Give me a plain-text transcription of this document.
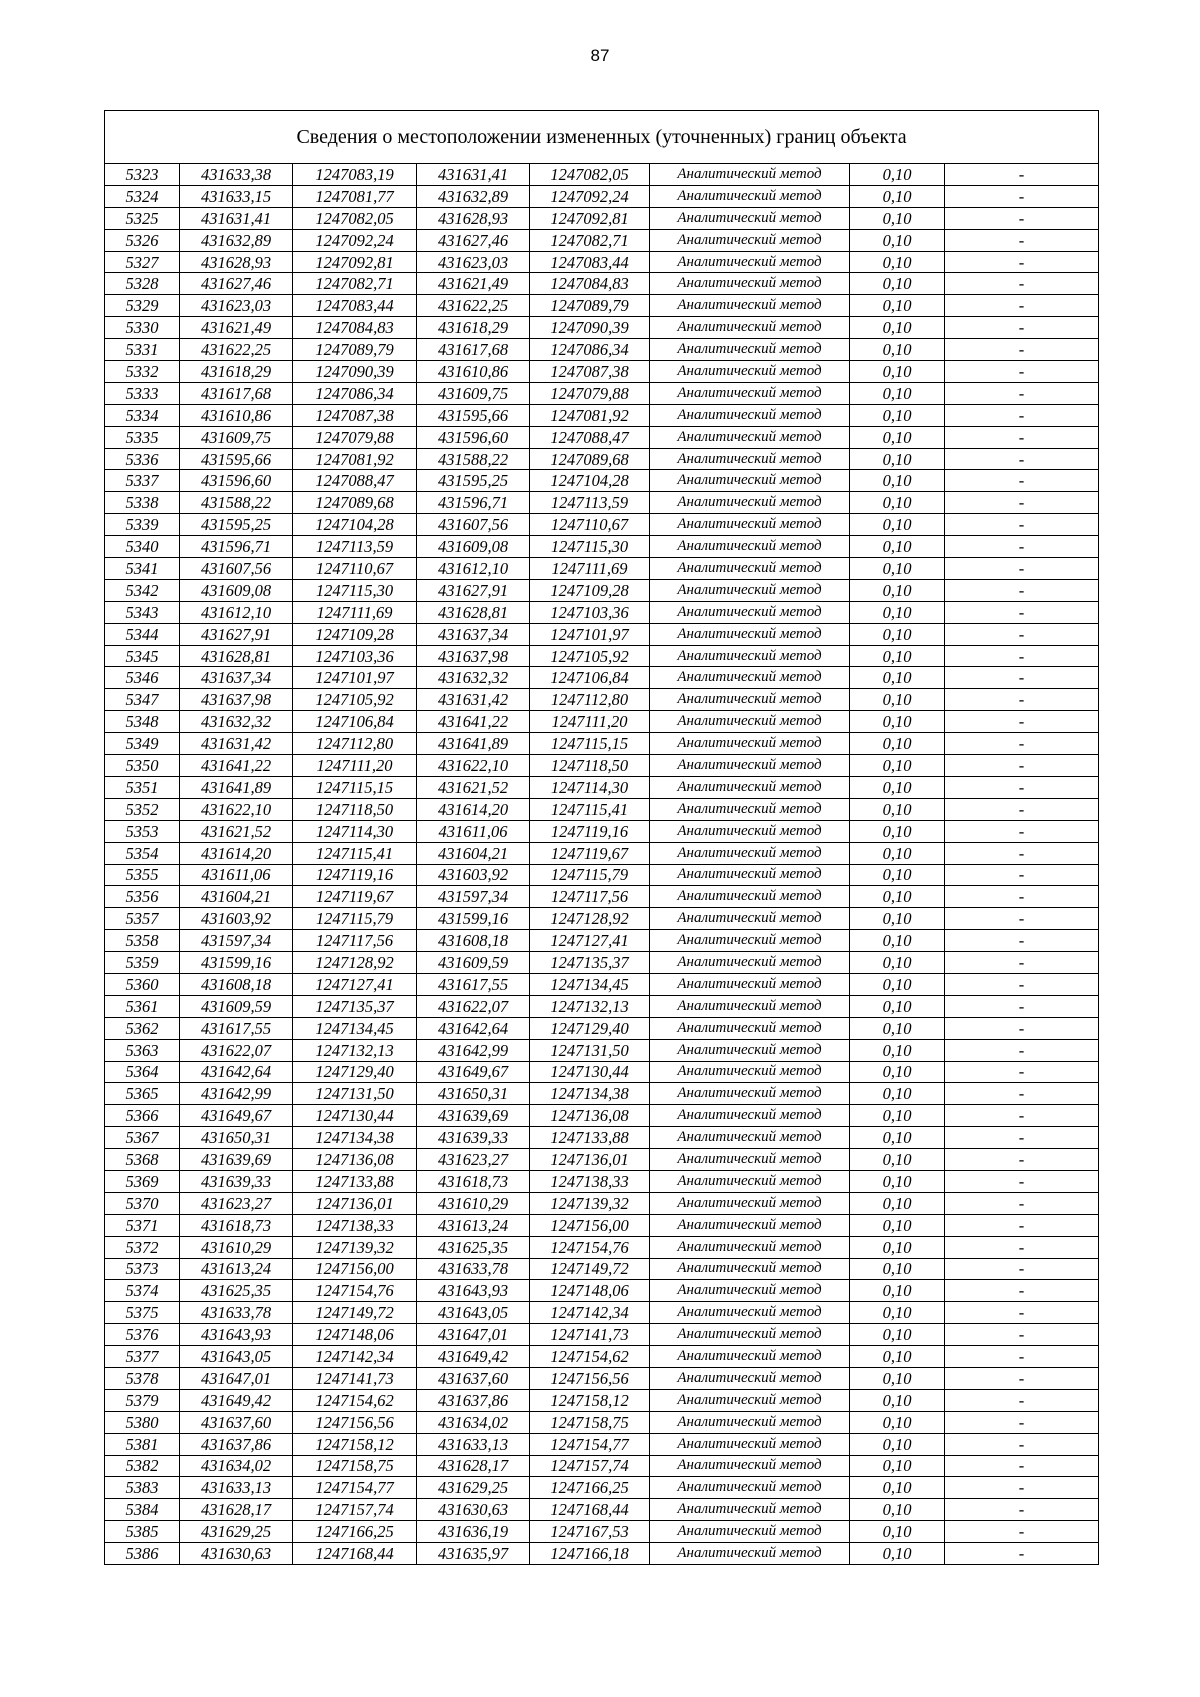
87
Сведения о местоположении измененных (уточненных) границ объекта							
5323	431633,38	1247083,19	431631,41	1247082,05	Аналитический метод	0,10	-
5324	431633,15	1247081,77	431632,89	1247092,24	Аналитический метод	0,10	-
5325	431631,41	1247082,05	431628,93	1247092,81	Аналитический метод	0,10	-
5326	431632,89	1247092,24	431627,46	1247082,71	Аналитический метод	0,10	-
5327	431628,93	1247092,81	431623,03	1247083,44	Аналитический метод	0,10	-
5328	431627,46	1247082,71	431621,49	1247084,83	Аналитический метод	0,10	-
5329	431623,03	1247083,44	431622,25	1247089,79	Аналитический метод	0,10	-
5330	431621,49	1247084,83	431618,29	1247090,39	Аналитический метод	0,10	-
5331	431622,25	1247089,79	431617,68	1247086,34	Аналитический метод	0,10	-
5332	431618,29	1247090,39	431610,86	1247087,38	Аналитический метод	0,10	-
5333	431617,68	1247086,34	431609,75	1247079,88	Аналитический метод	0,10	-
5334	431610,86	1247087,38	431595,66	1247081,92	Аналитический метод	0,10	-
5335	431609,75	1247079,88	431596,60	1247088,47	Аналитический метод	0,10	-
5336	431595,66	1247081,92	431588,22	1247089,68	Аналитический метод	0,10	-
5337	431596,60	1247088,47	431595,25	1247104,28	Аналитический метод	0,10	-
5338	431588,22	1247089,68	431596,71	1247113,59	Аналитический метод	0,10	-
5339	431595,25	1247104,28	431607,56	1247110,67	Аналитический метод	0,10	-
5340	431596,71	1247113,59	431609,08	1247115,30	Аналитический метод	0,10	-
5341	431607,56	1247110,67	431612,10	1247111,69	Аналитический метод	0,10	-
5342	431609,08	1247115,30	431627,91	1247109,28	Аналитический метод	0,10	-
5343	431612,10	1247111,69	431628,81	1247103,36	Аналитический метод	0,10	-
5344	431627,91	1247109,28	431637,34	1247101,97	Аналитический метод	0,10	-
5345	431628,81	1247103,36	431637,98	1247105,92	Аналитический метод	0,10	-
5346	431637,34	1247101,97	431632,32	1247106,84	Аналитический метод	0,10	-
5347	431637,98	1247105,92	431631,42	1247112,80	Аналитический метод	0,10	-
5348	431632,32	1247106,84	431641,22	1247111,20	Аналитический метод	0,10	-
5349	431631,42	1247112,80	431641,89	1247115,15	Аналитический метод	0,10	-
5350	431641,22	1247111,20	431622,10	1247118,50	Аналитический метод	0,10	-
5351	431641,89	1247115,15	431621,52	1247114,30	Аналитический метод	0,10	-
5352	431622,10	1247118,50	431614,20	1247115,41	Аналитический метод	0,10	-
5353	431621,52	1247114,30	431611,06	1247119,16	Аналитический метод	0,10	-
5354	431614,20	1247115,41	431604,21	1247119,67	Аналитический метод	0,10	-
5355	431611,06	1247119,16	431603,92	1247115,79	Аналитический метод	0,10	-
5356	431604,21	1247119,67	431597,34	1247117,56	Аналитический метод	0,10	-
5357	431603,92	1247115,79	431599,16	1247128,92	Аналитический метод	0,10	-
5358	431597,34	1247117,56	431608,18	1247127,41	Аналитический метод	0,10	-
5359	431599,16	1247128,92	431609,59	1247135,37	Аналитический метод	0,10	-
5360	431608,18	1247127,41	431617,55	1247134,45	Аналитический метод	0,10	-
5361	431609,59	1247135,37	431622,07	1247132,13	Аналитический метод	0,10	-
5362	431617,55	1247134,45	431642,64	1247129,40	Аналитический метод	0,10	-
5363	431622,07	1247132,13	431642,99	1247131,50	Аналитический метод	0,10	-
5364	431642,64	1247129,40	431649,67	1247130,44	Аналитический метод	0,10	-
5365	431642,99	1247131,50	431650,31	1247134,38	Аналитический метод	0,10	-
5366	431649,67	1247130,44	431639,69	1247136,08	Аналитический метод	0,10	-
5367	431650,31	1247134,38	431639,33	1247133,88	Аналитический метод	0,10	-
5368	431639,69	1247136,08	431623,27	1247136,01	Аналитический метод	0,10	-
5369	431639,33	1247133,88	431618,73	1247138,33	Аналитический метод	0,10	-
5370	431623,27	1247136,01	431610,29	1247139,32	Аналитический метод	0,10	-
5371	431618,73	1247138,33	431613,24	1247156,00	Аналитический метод	0,10	-
5372	431610,29	1247139,32	431625,35	1247154,76	Аналитический метод	0,10	-
5373	431613,24	1247156,00	431633,78	1247149,72	Аналитический метод	0,10	-
5374	431625,35	1247154,76	431643,93	1247148,06	Аналитический метод	0,10	-
5375	431633,78	1247149,72	431643,05	1247142,34	Аналитический метод	0,10	-
5376	431643,93	1247148,06	431647,01	1247141,73	Аналитический метод	0,10	-
5377	431643,05	1247142,34	431649,42	1247154,62	Аналитический метод	0,10	-
5378	431647,01	1247141,73	431637,60	1247156,56	Аналитический метод	0,10	-
5379	431649,42	1247154,62	431637,86	1247158,12	Аналитический метод	0,10	-
5380	431637,60	1247156,56	431634,02	1247158,75	Аналитический метод	0,10	-
5381	431637,86	1247158,12	431633,13	1247154,77	Аналитический метод	0,10	-
5382	431634,02	1247158,75	431628,17	1247157,74	Аналитический метод	0,10	-
5383	431633,13	1247154,77	431629,25	1247166,25	Аналитический метод	0,10	-
5384	431628,17	1247157,74	431630,63	1247168,44	Аналитический метод	0,10	-
5385	431629,25	1247166,25	431636,19	1247167,53	Аналитический метод	0,10	-
5386	431630,63	1247168,44	431635,97	1247166,18	Аналитический метод	0,10	-
